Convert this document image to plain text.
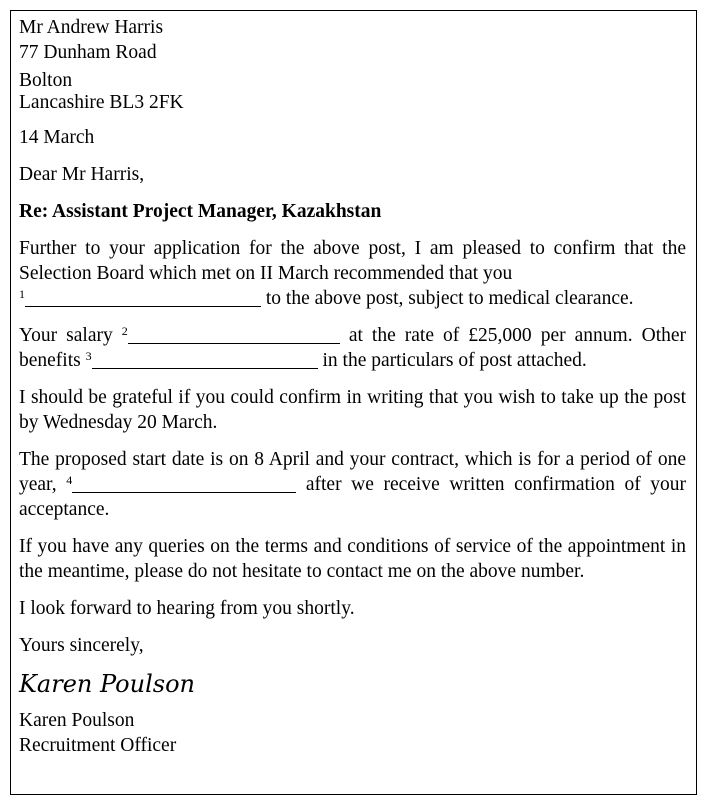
Mr Andrew Harris
77 Dunham Road
Bolton
Lancashire BL3 2FK
14 March
Dear Mr Harris,
Re: Assistant Project Manager, Kazakhstan

Further to your application for the above post, I am pleased to confirm that the Selection Board which met on II March recommended that you
$^1$	to the above post, subject to medical clearance.

Your salary $^2$	at the rate of £25,000 per annum. Other benefits $^3$	in the particulars of post attached.

I should be grateful if you could confirm in writing that you wish to take up the post by Wednesday 20 March.

The proposed start date is on 8 April and your contract, which is for a period of one year, $^4$	after we receive written confirmation of your acceptance.

If you have any queries on the terms and conditions of service of the appointment in the meantime, please do not hesitate to contact me on the above number.

I look forward to hearing from you shortly.
Yours sincerely,
Karen Poulson
Karen Poulson
Recruitment Officer
